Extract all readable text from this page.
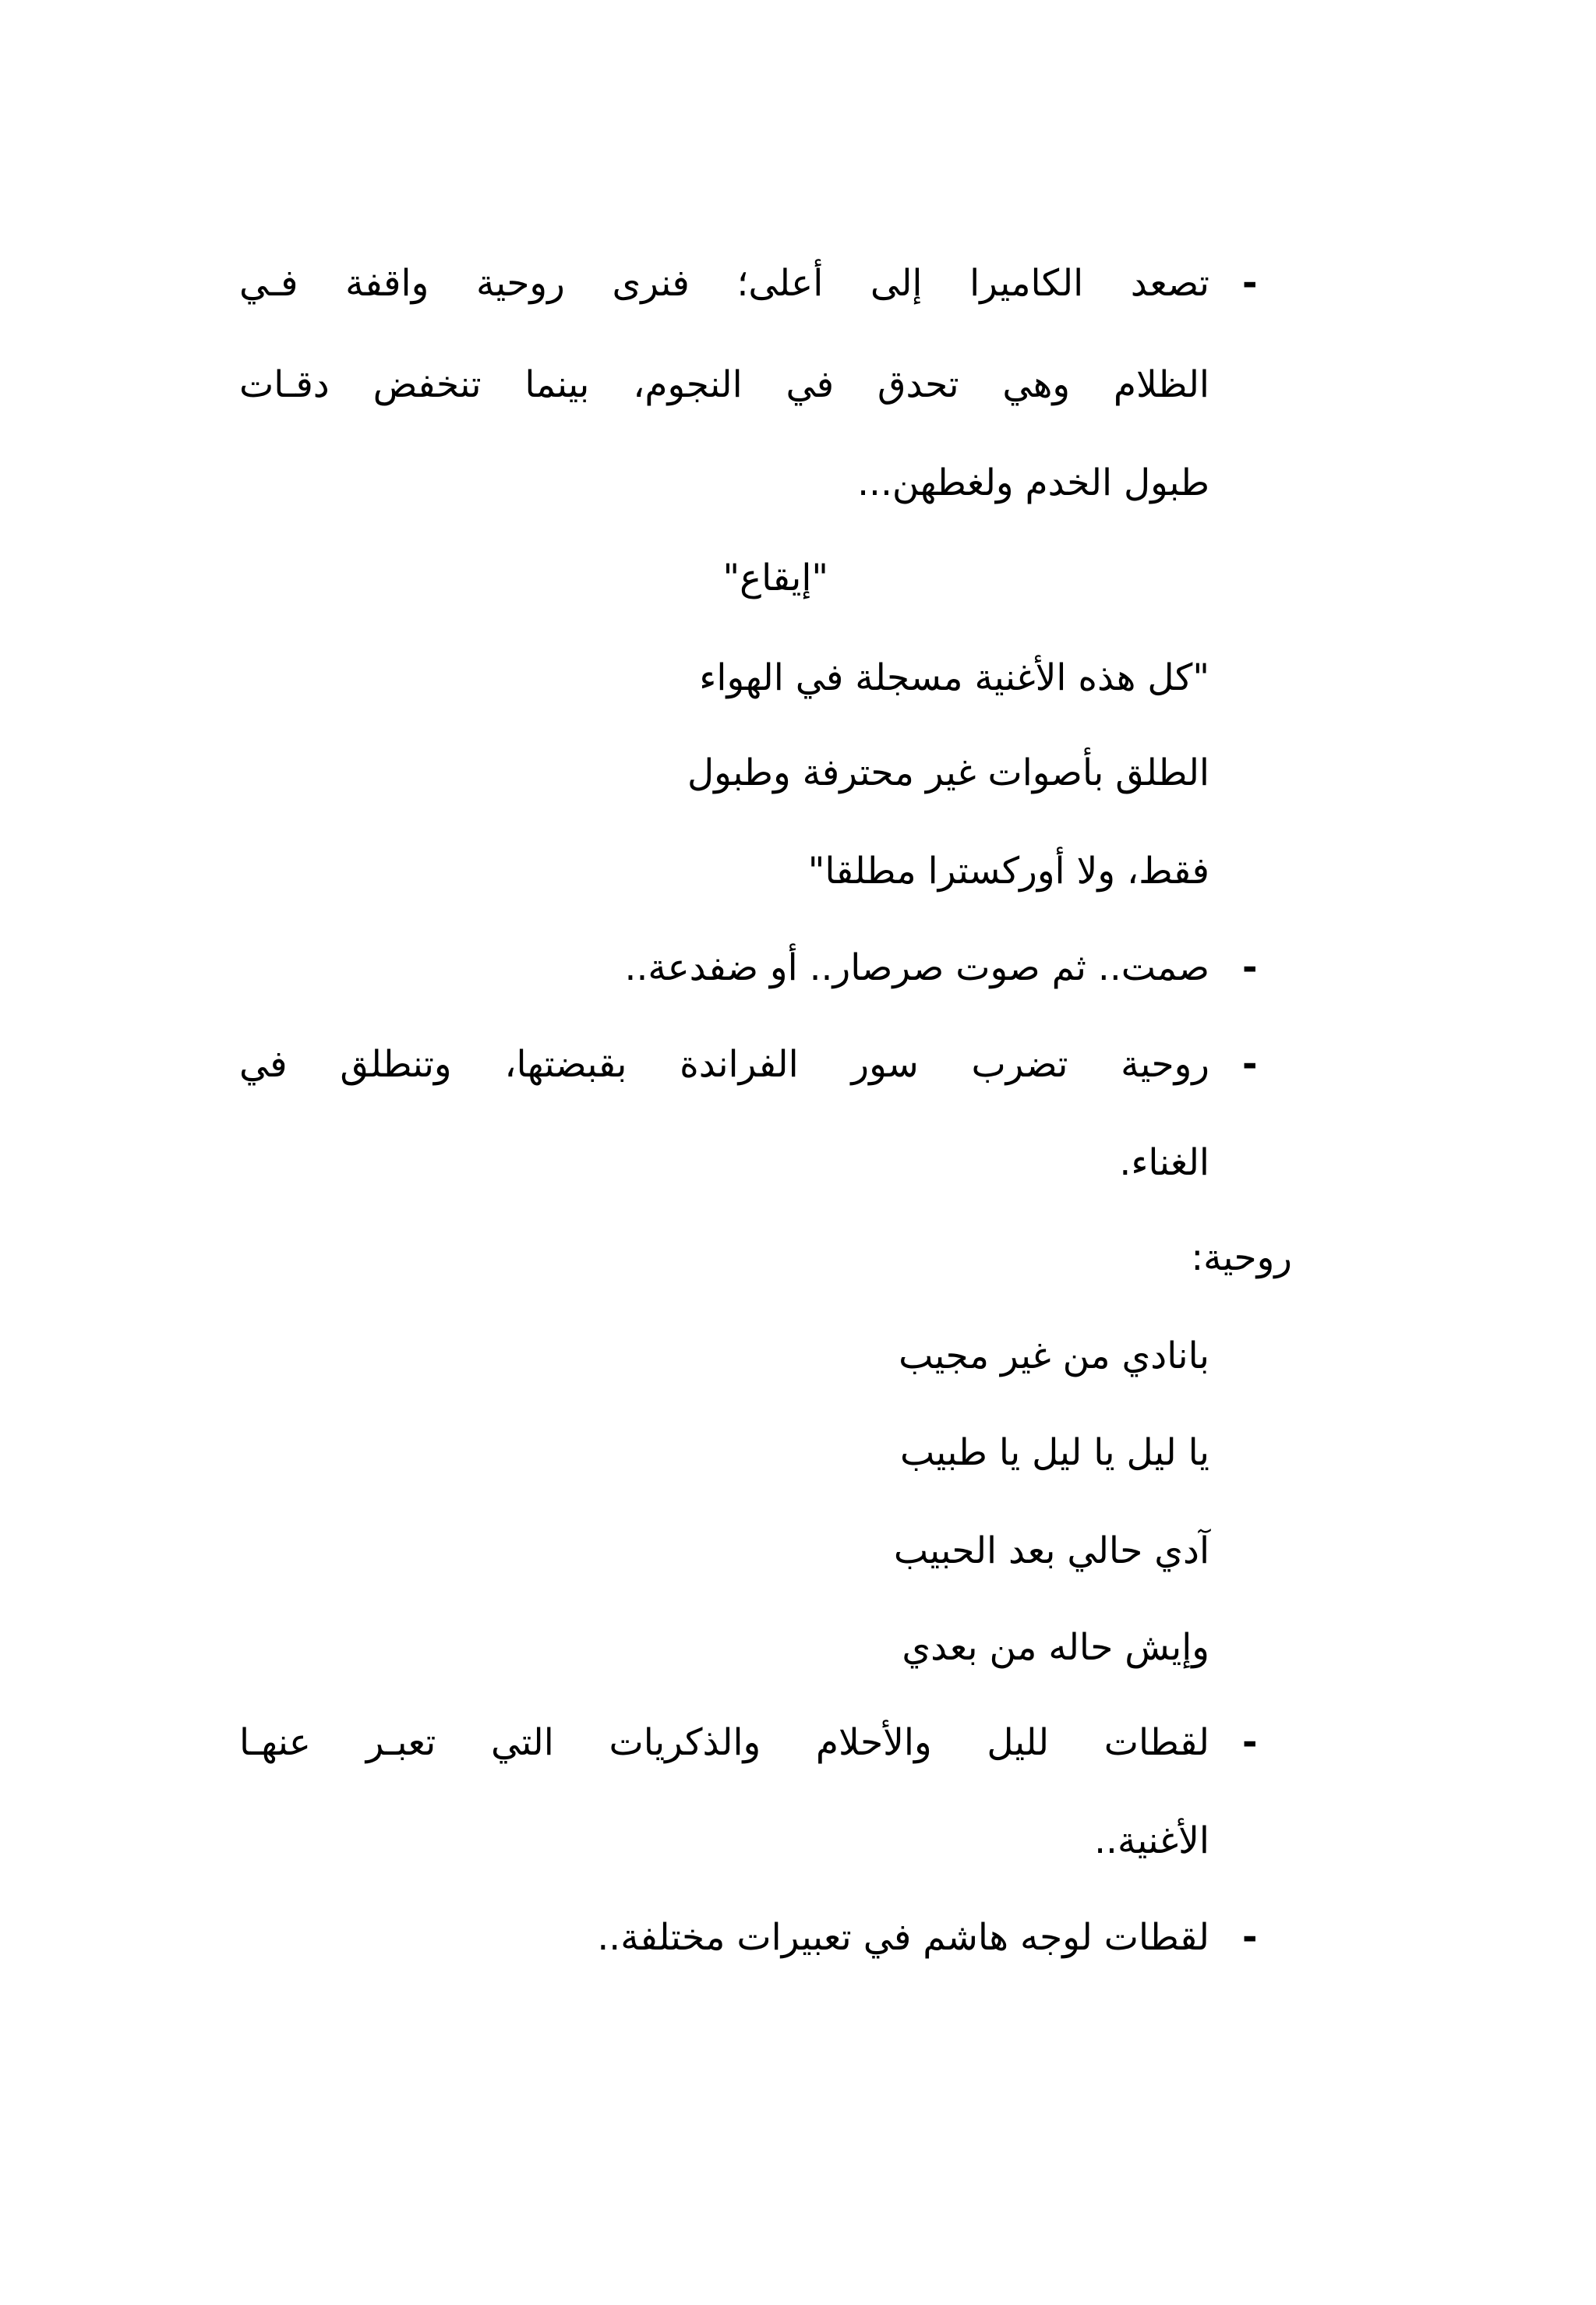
-
تصعد الكاميرا إلى أعلى؛ فنرى روحية واقفة فـي
الظلام وهي تحدق في النجوم، بينما تنخفض دقـات
طبول الخدم ولغطهن...
"إيقاع"
"كل هذه الأغنية مسجلة في الهواء
الطلق بأصوات غير محترفة وطبول
فقط، ولا أوركسترا مطلقا"
-
صمت.. ثم صوت صرصار.. أو ضفدعة..
-
روحية تضرب سور الفراندة بقبضتها، وتنطلق في
الغناء.
روحية:
بانادي من غير مجيب
يا ليل يا ليل يا طبيب
آدي حالي بعد الحبيب
وإيش حاله من بعدي
-
لقطات لليل والأحلام والذكريات التي تعبـر عنهـا
الأغنية..
-
لقطات لوجه هاشم في تعبيرات مختلفة..
